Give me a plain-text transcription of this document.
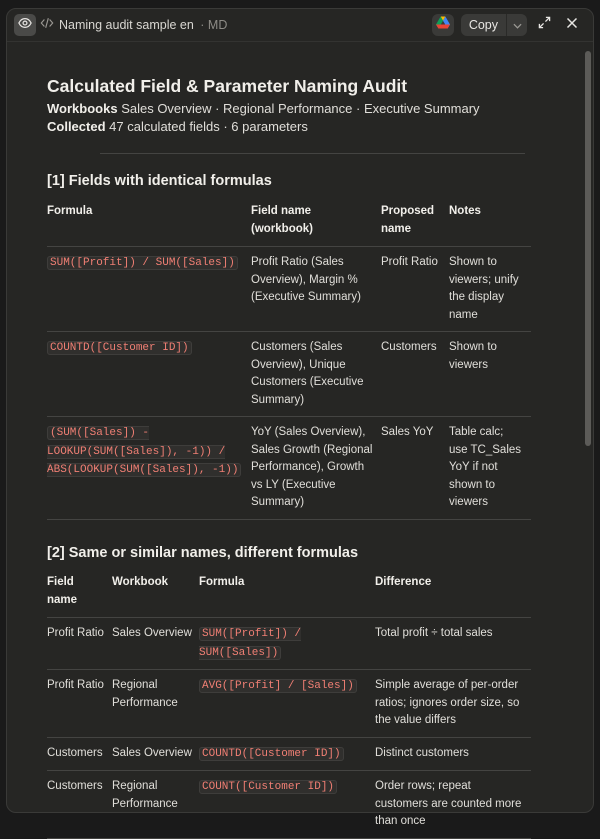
Naming audit sample en · MD	Copy
Calculated Field & Parameter Naming Audit
Workbooks Sales Overview · Regional Performance · Executive Summary Collected 47 calculated fields · 6 parameters
[1] Fields with identical formulas
Formula	Field name (workbook)	Proposed name	Notes
SUM([Profit]) / SUM([Sales])	Profit Ratio (Sales Overview), Margin % (Executive Summary)	Profit Ratio	Shown to viewers; unify the display name
COUNTD([Customer ID])	Customers (Sales Overview), Unique Customers (Executive Summary)	Customers	Shown to viewers
(SUM([Sales]) - LOOKUP(SUM([Sales]), -1)) / ABS(LOOKUP(SUM([Sales]), -1))	YoY (Sales Overview), Sales Growth (Regional Performance), Growth vs LY (Executive Summary)	Sales YoY	Table calc; use TC_Sales YoY if not shown to viewers
[2] Same or similar names, different formulas
Field name	Workbook	Formula	Difference
Profit Ratio	Sales Overview	SUM([Profit]) / SUM([Sales])	Total profit ÷ total sales
Profit Ratio	Regional Performance	AVG([Profit] / [Sales])	Simple average of per-order ratios; ignores order size, so the value differs
Customers	Sales Overview	COUNTD([Customer ID])	Distinct customers
Customers	Regional Performance	COUNT([Customer ID])	Order rows; repeat customers are counted more than once
